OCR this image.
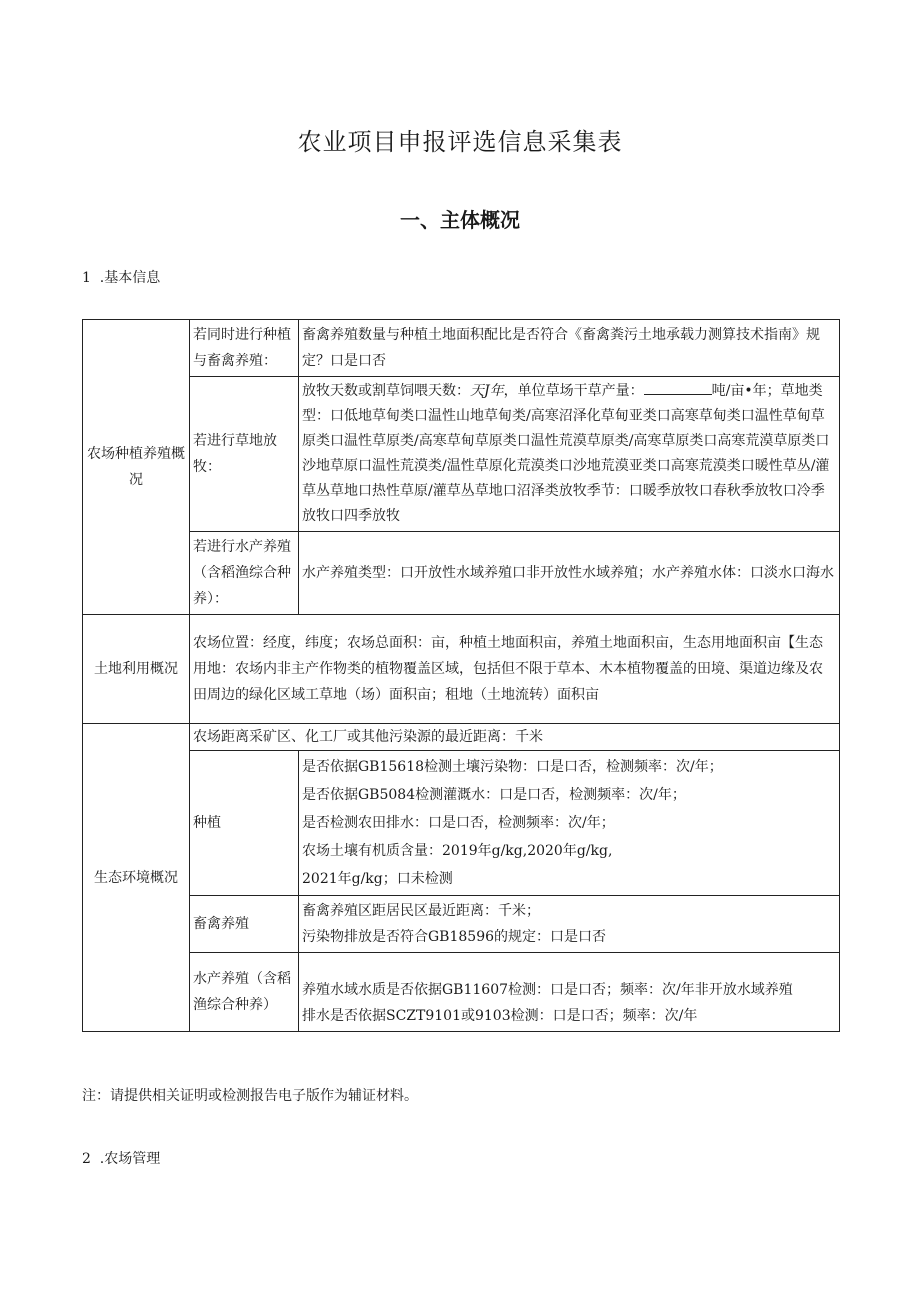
农业项目申报评选信息采集表
一、主体概况
1  .基本信息
农场种植养殖概况	若同时进行种植与畜禽养殖：	畜禽养殖数量与种植土地面积配比是否符合《畜禽粪污土地承载力测算技术指南》规定？口是口否
	若进行草地放牧：	放牧天数或割草饲喂天数：天J年，单位草场干草产量： 吨/亩•年；草地类型：口低地草甸类口温性山地草甸类/高寒沼泽化草甸亚类口高寒草甸类口温性草甸草原类口温性草原类/高寒草甸草原类口温性荒漠草原类/高寒草原类口高寒荒漠草原类口沙地草原口温性荒漠类/温性草原化荒漠类口沙地荒漠亚类口高寒荒漠类口暖性草丛/灌草丛草地口热性草原/灌草丛草地口沼泽类放牧季节：口暖季放牧口春秋季放牧口冷季放牧口四季放牧
	若进行水产养殖（含稻渔综合种养）：	水产养殖类型：口开放性水域养殖口非开放性水域养殖；水产养殖水体：口淡水口海水
土地利用概况	农场位置：经度，纬度；农场总面积：亩，种植土地面积亩，养殖土地面积亩，生态用地面积亩【生态用地：农场内非主产作物类的植物覆盖区域，包括但不限于草本、木本植物覆盖的田境、渠道边缘及农田周边的绿化区域工草地（场）面积亩；租地（土地流转）面积亩	
生态环境概况	农场距离采矿区、化工厂或其他污染源的最近距离：千米	
	种植	是否依据GB15618检测土壤污染物：口是口否，检测频率：次/年；
是否依据GB5084检测灌溉水：口是口否，检测频率：次/年；
是否检测农田排水：口是口否，检测频率：次/年；
农场土壤有机质含量：2019年g/kg,2020年g/kg,
2021年g/kg；口未检测

	畜禽养殖	畜禽养殖区距居民区最近距离：千米；
污染物排放是否符合GB18596的规定：口是口否

	水产养殖（含稻渔综合种养）	养殖水域水质是否依据GB11607检测：口是口否；频率：次/年非开放水域养殖
排水是否依据SCZT9101或9103检测：口是口否；频率：次/年
注：请提供相关证明或检测报告电子版作为辅证材料。
2  .农场管理
